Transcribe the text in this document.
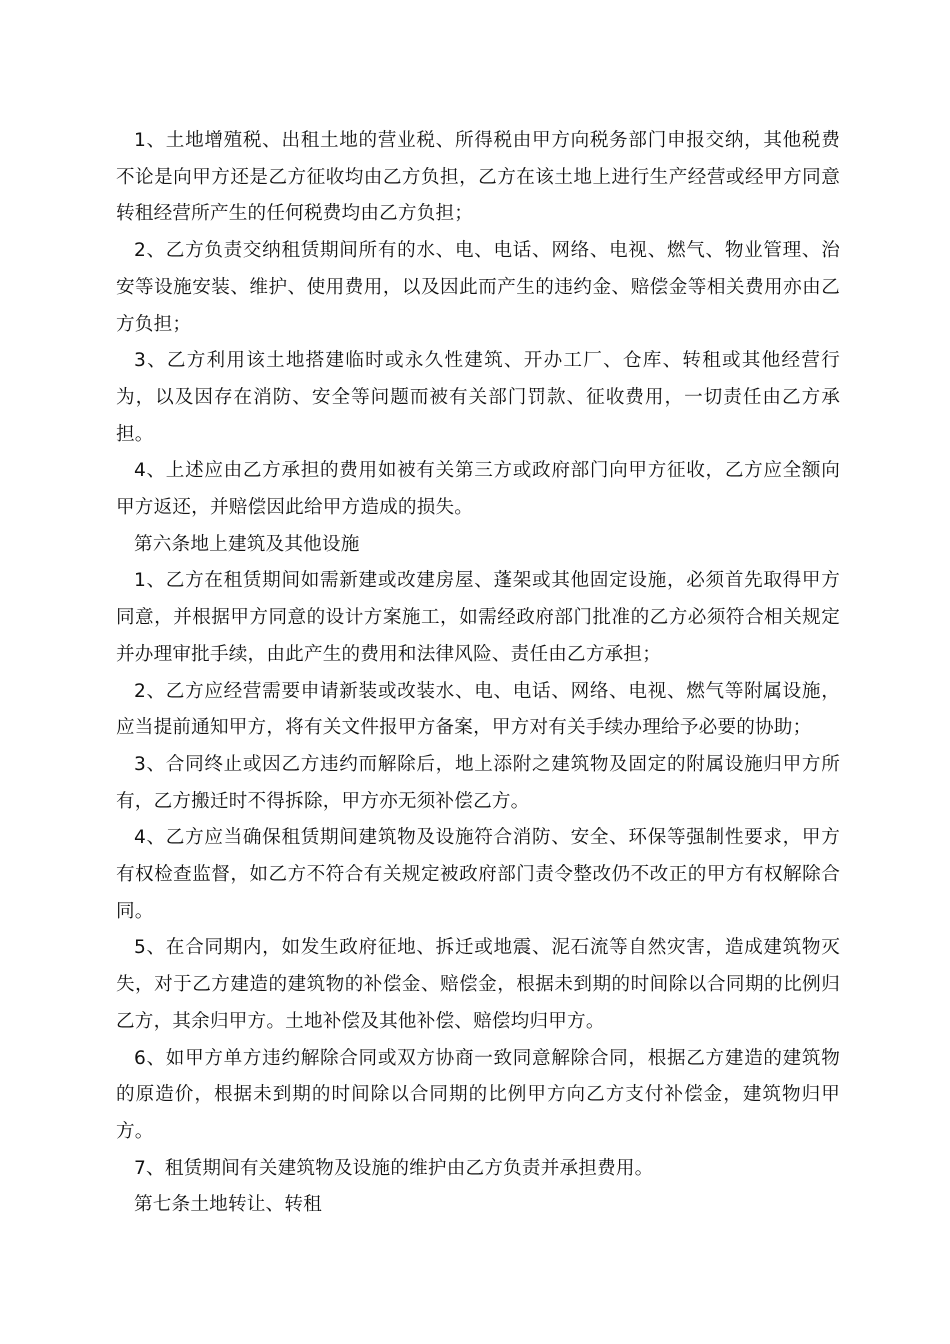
1、土地增殖税、出租土地的营业税、所得税由甲方向税务部门申报交纳，其他税费不论是向甲方还是乙方征收均由乙方负担，乙方在该土地上进行生产经营或经甲方同意转租经营所产生的任何税费均由乙方负担；

2、乙方负责交纳租赁期间所有的水、电、电话、网络、电视、燃气、物业管理、治安等设施安装、维护、使用费用，以及因此而产生的违约金、赔偿金等相关费用亦由乙方负担；

3、乙方利用该土地搭建临时或永久性建筑、开办工厂、仓库、转租或其他经营行为，以及因存在消防、安全等问题而被有关部门罚款、征收费用，一切责任由乙方承担。

4、上述应由乙方承担的费用如被有关第三方或政府部门向甲方征收，乙方应全额向甲方返还，并赔偿因此给甲方造成的损失。

第六条地上建筑及其他设施

1、乙方在租赁期间如需新建或改建房屋、蓬架或其他固定设施，必须首先取得甲方同意，并根据甲方同意的设计方案施工，如需经政府部门批准的乙方必须符合相关规定并办理审批手续，由此产生的费用和法律风险、责任由乙方承担；

2、乙方应经营需要申请新装或改装水、电、电话、网络、电视、燃气等附属设施，应当提前通知甲方，将有关文件报甲方备案，甲方对有关手续办理给予必要的协助；

3、合同终止或因乙方违约而解除后，地上添附之建筑物及固定的附属设施归甲方所有，乙方搬迁时不得拆除，甲方亦无须补偿乙方。

4、乙方应当确保租赁期间建筑物及设施符合消防、安全、环保等强制性要求，甲方有权检查监督，如乙方不符合有关规定被政府部门责令整改仍不改正的甲方有权解除合同。

5、在合同期内，如发生政府征地、拆迁或地震、泥石流等自然灾害，造成建筑物灭失，对于乙方建造的建筑物的补偿金、赔偿金，根据未到期的时间除以合同期的比例归乙方，其余归甲方。土地补偿及其他补偿、赔偿均归甲方。

6、如甲方单方违约解除合同或双方协商一致同意解除合同，根据乙方建造的建筑物的原造价，根据未到期的时间除以合同期的比例甲方向乙方支付补偿金，建筑物归甲方。

7、租赁期间有关建筑物及设施的维护由乙方负责并承担费用。

第七条土地转让、转租
